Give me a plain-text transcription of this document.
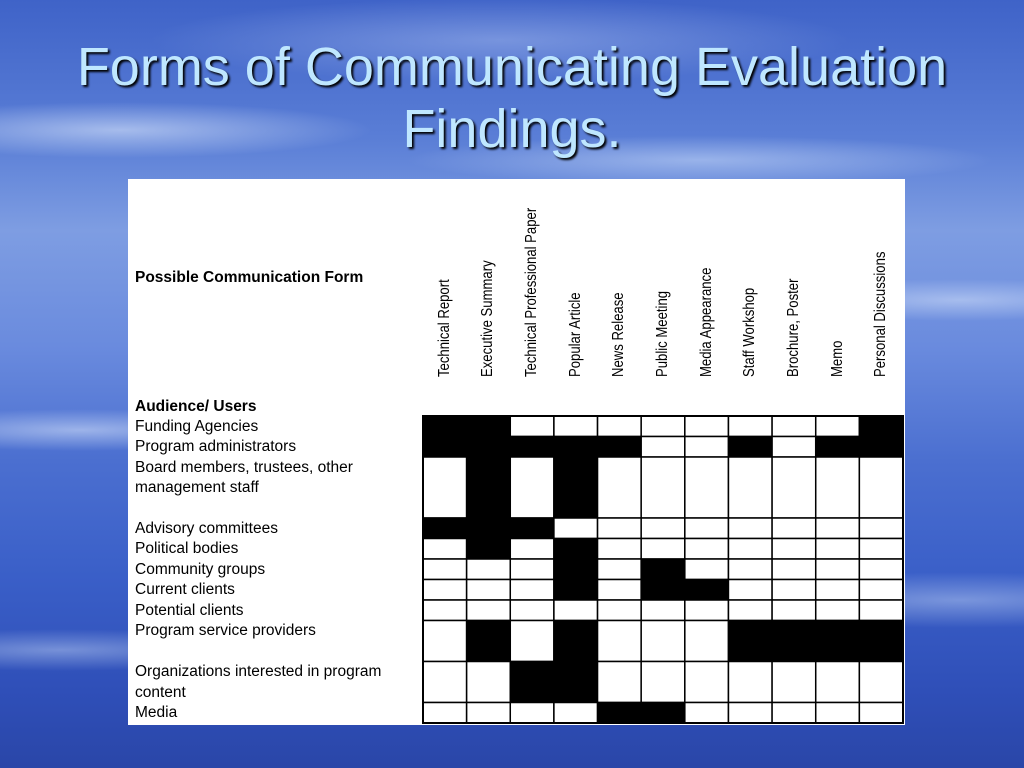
Forms of Communicating Evaluation
Findings.
Possible Communication Form
Audience/ Users
Technical Report Executive Summary Technical Professional Paper Popular Article News Release Public Meeting Media Appearance Staff Workshop Brochure, Poster Memo Personal Discussions
Funding Agencies
Program administrators
Board members, trustees, other management staff
Advisory committees
Political bodies
Community groups
Current clients
Potential clients
Program service providers
Organizations interested in program content
Media
